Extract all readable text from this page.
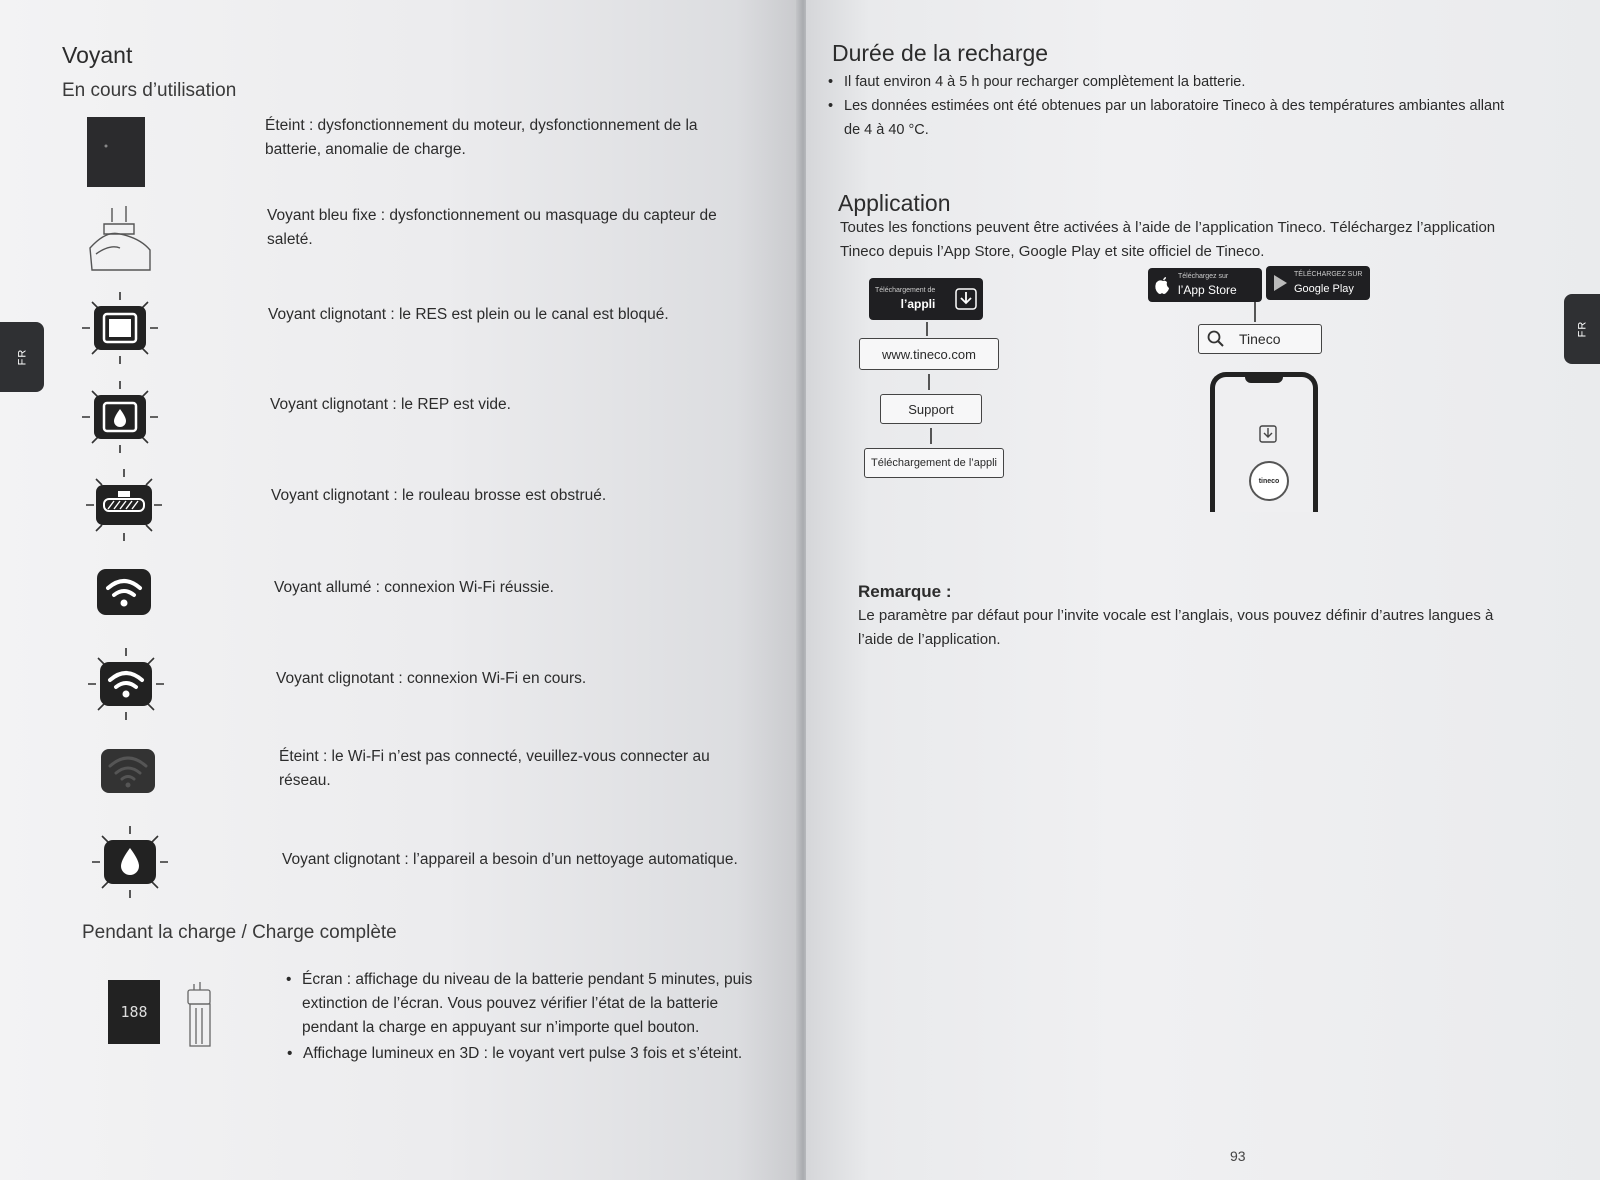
FR
Voyant
En cours d’utilisation
Éteint : dysfonctionnement du moteur, dysfonctionnement de la batterie, anomalie de charge.
Voyant bleu fixe : dysfonctionnement ou masquage du capteur de saleté.
Voyant clignotant : le RES est plein ou le canal est bloqué.
Voyant clignotant : le REP est vide.
Voyant clignotant : le rouleau brosse est obstrué.
Voyant allumé : connexion Wi-Fi réussie.
Voyant clignotant : connexion Wi-Fi en cours.
Éteint : le Wi-Fi n’est pas connecté, veuillez-vous connecter au réseau.
Voyant clignotant : l’appareil a besoin d’un nettoyage automatique.
Pendant la charge / Charge complète
188
• Écran : affichage du niveau de la batterie pendant 5 minutes, puis extinction de l’écran. Vous pouvez vérifier l’état de la batterie pendant la charge en appuyant sur n’importe quel bouton.
• Affichage lumineux en 3D : le voyant vert pulse 3 fois et s’éteint.
FR
Durée de la recharge
• Il faut environ 4 à 5 h pour recharger complètement la batterie.
• Les données estimées ont été obtenues par un laboratoire Tineco à des températures ambiantes allant de 4 à 40 °C.
Application
Toutes les fonctions peuvent être activées à l’aide de l’application Tineco. Téléchargez l’application Tineco depuis l’App Store, Google Play et site officiel de Tineco.
Téléchargement de
l’appli
www.tineco.com
Support
Téléchargement de l’appli
Téléchargez sur
l’App Store
TÉLÉCHARGEZ SUR
Google Play
Tineco
tineco
Remarque :
Le paramètre par défaut pour l’invite vocale est l’anglais, vous pouvez définir d’autres langues à l’aide de l’application.
93
